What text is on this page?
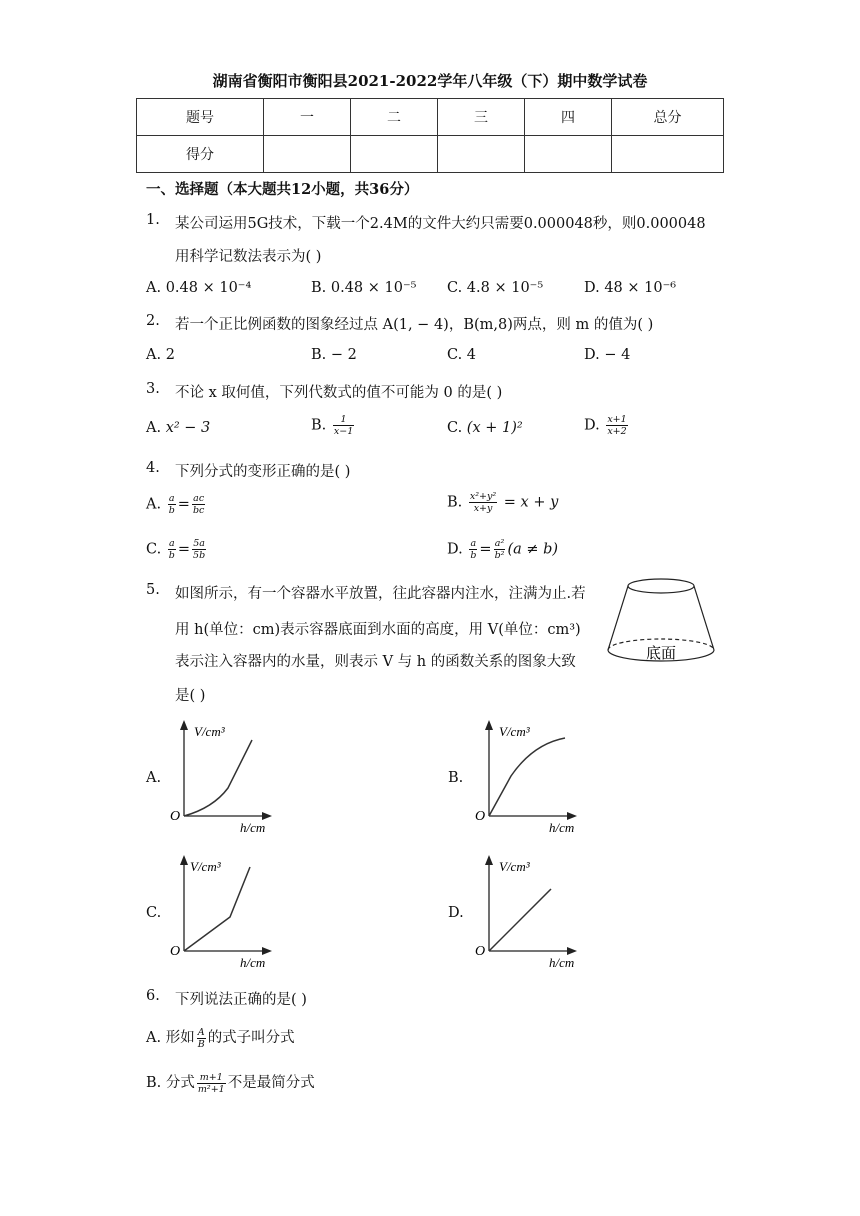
湖南省衡阳市衡阳县2021-2022学年八年级（下）期中数学试卷
题号	一	二	三	四	总分
得分					
一、选择题（本大题共12小题，共36分）
1. 某公司运用5G技术，下载一个2.4M的文件大约只需要0.000048秒，则0.000048
用科学记数法表示为( )
A. 0.48 × 10⁻⁴	B. 0.48 × 10⁻⁵ C. 4.8 × 10⁻⁵	D. 48 × 10⁻⁶
2. 若一个正比例函数的图象经过点 A(1, − 4)，B(m,8)两点，则 m 的值为( )
A. 2	B. − 2	C. 4	D. − 4
3. 不论 x 取何值，下列代数式的值不可能为 0 的是( )
A. x² − 3	B. $\frac{1}{x-1}$	C. (x + 1)²	D. $\frac{x+1}{x+2}$
4. 下列分式的变形正确的是( )
A. $\frac{a}{b} = \frac{ac}{bc}$	B. $\frac{\text{x²+y²}}{x+y} = x + y$
C. $\frac{a}{b} = \frac{5a}{5b}$	D. $\frac{a}{b} = \frac{\text{a²}}{\text{b²}} (a \ne b)$
5. 如图所示，有一个容器水平放置，往此容器内注水，注满为止.若
用 h(单位：cm)表示容器底面到水面的高度，用 V(单位：cm³)
表示注入容器内的水量，则表示 V 与 h 的函数关系的图象大致
是( )
底面
A.
V/cm³
h/cm
O
B.
V/cm³
h/cm
O
C.
V/cm³
h/cm
O
D.
V/cm³
h/cm
O
6. 下列说法正确的是( )
A. 形如 $\frac{A}{B}$ 的式子叫分式
B. 分式 $\frac{m+1}{\text{m²+1}}$ 不是最简分式
